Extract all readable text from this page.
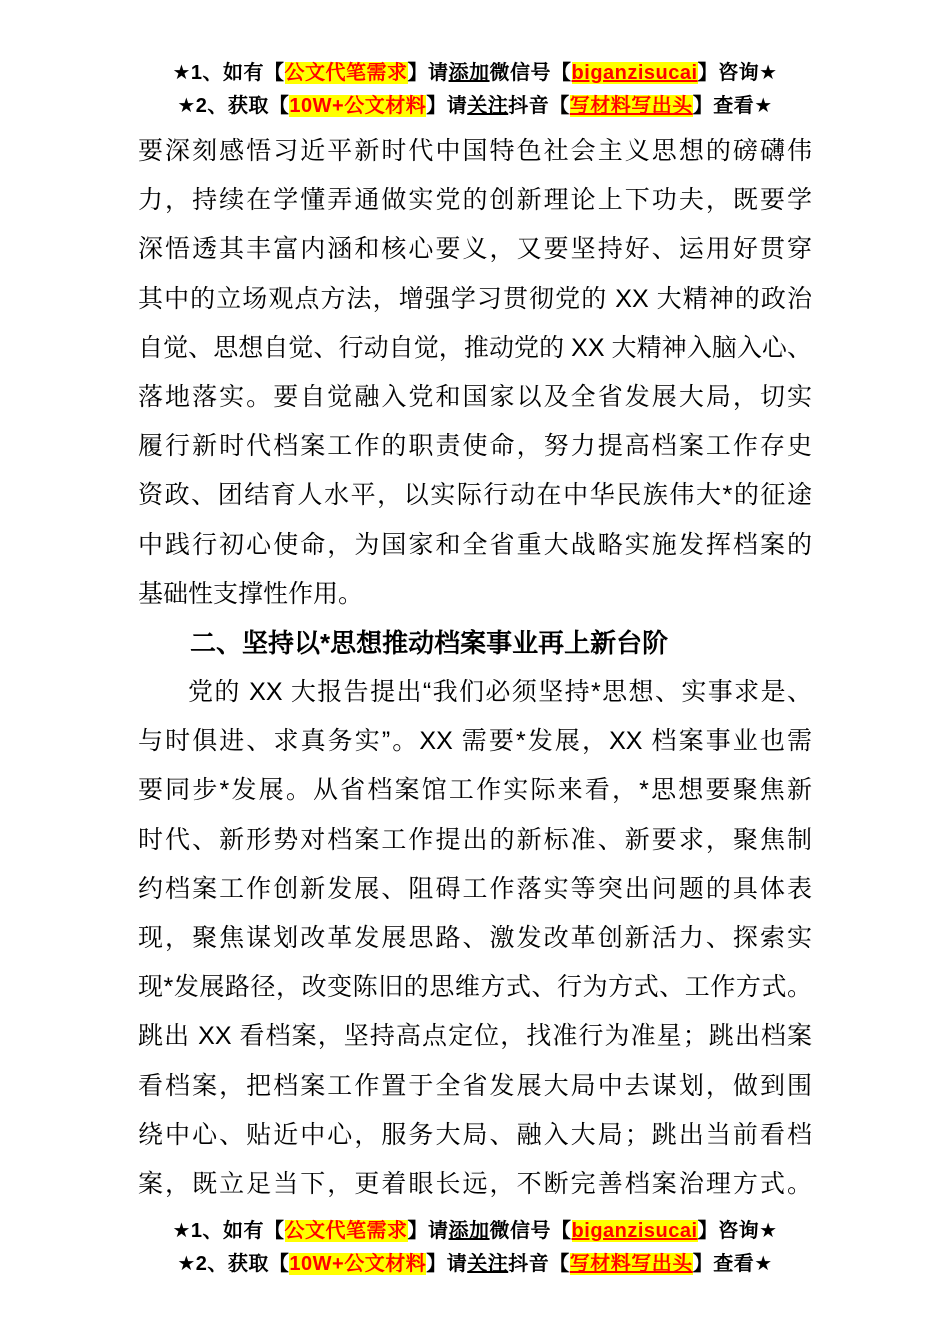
★1、如有【公文代笔需求】请添加微信号【biganzisucai】咨询★
★2、获取【10W+公文材料】请关注抖音【写材料写出头】查看★
要深刻感悟习近平新时代中国特色社会主义思想的磅礴伟
力，持续在学懂弄通做实党的创新理论上下功夫，既要学
深悟透其丰富内涵和核心要义，又要坚持好、运用好贯穿
其中的立场观点方法，增强学习贯彻党的 XX 大精神的政治
自觉、思想自觉、行动自觉，推动党的 XX 大精神入脑入心、
落地落实。要自觉融入党和国家以及全省发展大局，切实
履行新时代档案工作的职责使命，努力提高档案工作存史
资政、团结育人水平，以实际行动在中华民族伟大*的征途
中践行初心使命，为国家和全省重大战略实施发挥档案的
基础性支撑性作用。
二、坚持以*思想推动档案事业再上新台阶
党的 XX 大报告提出“我们必须坚持*思想、实事求是、
与时俱进、求真务实”。XX 需要*发展，XX 档案事业也需
要同步*发展。从省档案馆工作实际来看，*思想要聚焦新
时代、新形势对档案工作提出的新标准、新要求，聚焦制
约档案工作创新发展、阻碍工作落实等突出问题的具体表
现，聚焦谋划改革发展思路、激发改革创新活力、探索实
现*发展路径，改变陈旧的思维方式、行为方式、工作方式。
跳出 XX 看档案，坚持高点定位，找准行为准星；跳出档案
看档案，把档案工作置于全省发展大局中去谋划，做到围
绕中心、贴近中心，服务大局、融入大局；跳出当前看档
案，既立足当下，更着眼长远，不断完善档案治理方式。
★1、如有【公文代笔需求】请添加微信号【biganzisucai】咨询★
★2、获取【10W+公文材料】请关注抖音【写材料写出头】查看★
